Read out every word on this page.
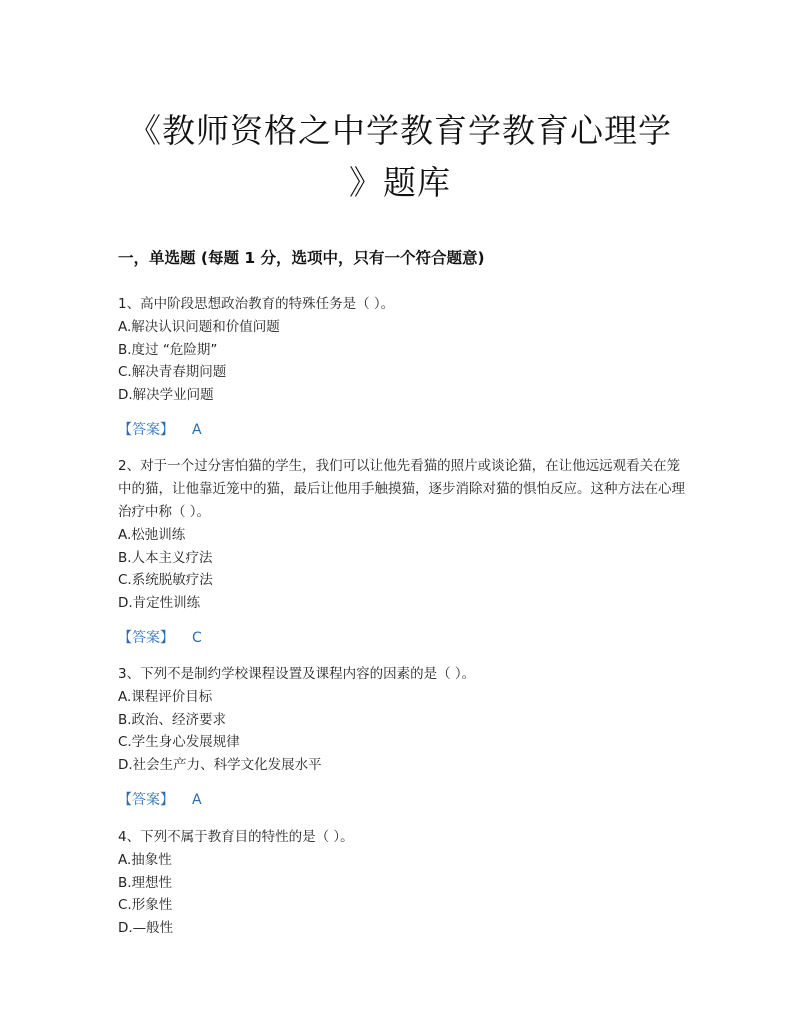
《教师资格之中学教育学教育心理学
》题库
一，单选题 (每题 1 分，选项中，只有一个符合题意)

1、高中阶段思想政治教育的特殊任务是（ ）。

A.解决认识问题和价值问题

B.度过 “危险期”

C.解决青春期问题

D.解决学业问题

【答案】 A

2、对于一个过分害怕猫的学生，我们可以让他先看猫的照片或谈论猫，在让他远远观看关在笼中的猫，让他靠近笼中的猫，最后让他用手触摸猫，逐步消除对猫的惧怕反应。这种方法在心理治疗中称（ ）。

A.松弛训练

B.人本主义疗法

C.系统脱敏疗法

D.肯定性训练

【答案】 C

3、下列不是制约学校课程设置及课程内容的因素的是（ ）。

A.课程评价目标

B.政治、经济要求

C.学生身心发展规律

D.社会生产力、科学文化发展水平

【答案】 A

4、下列不属于教育目的特性的是（ ）。

A.抽象性

B.理想性

C.形象性

D.—般性
